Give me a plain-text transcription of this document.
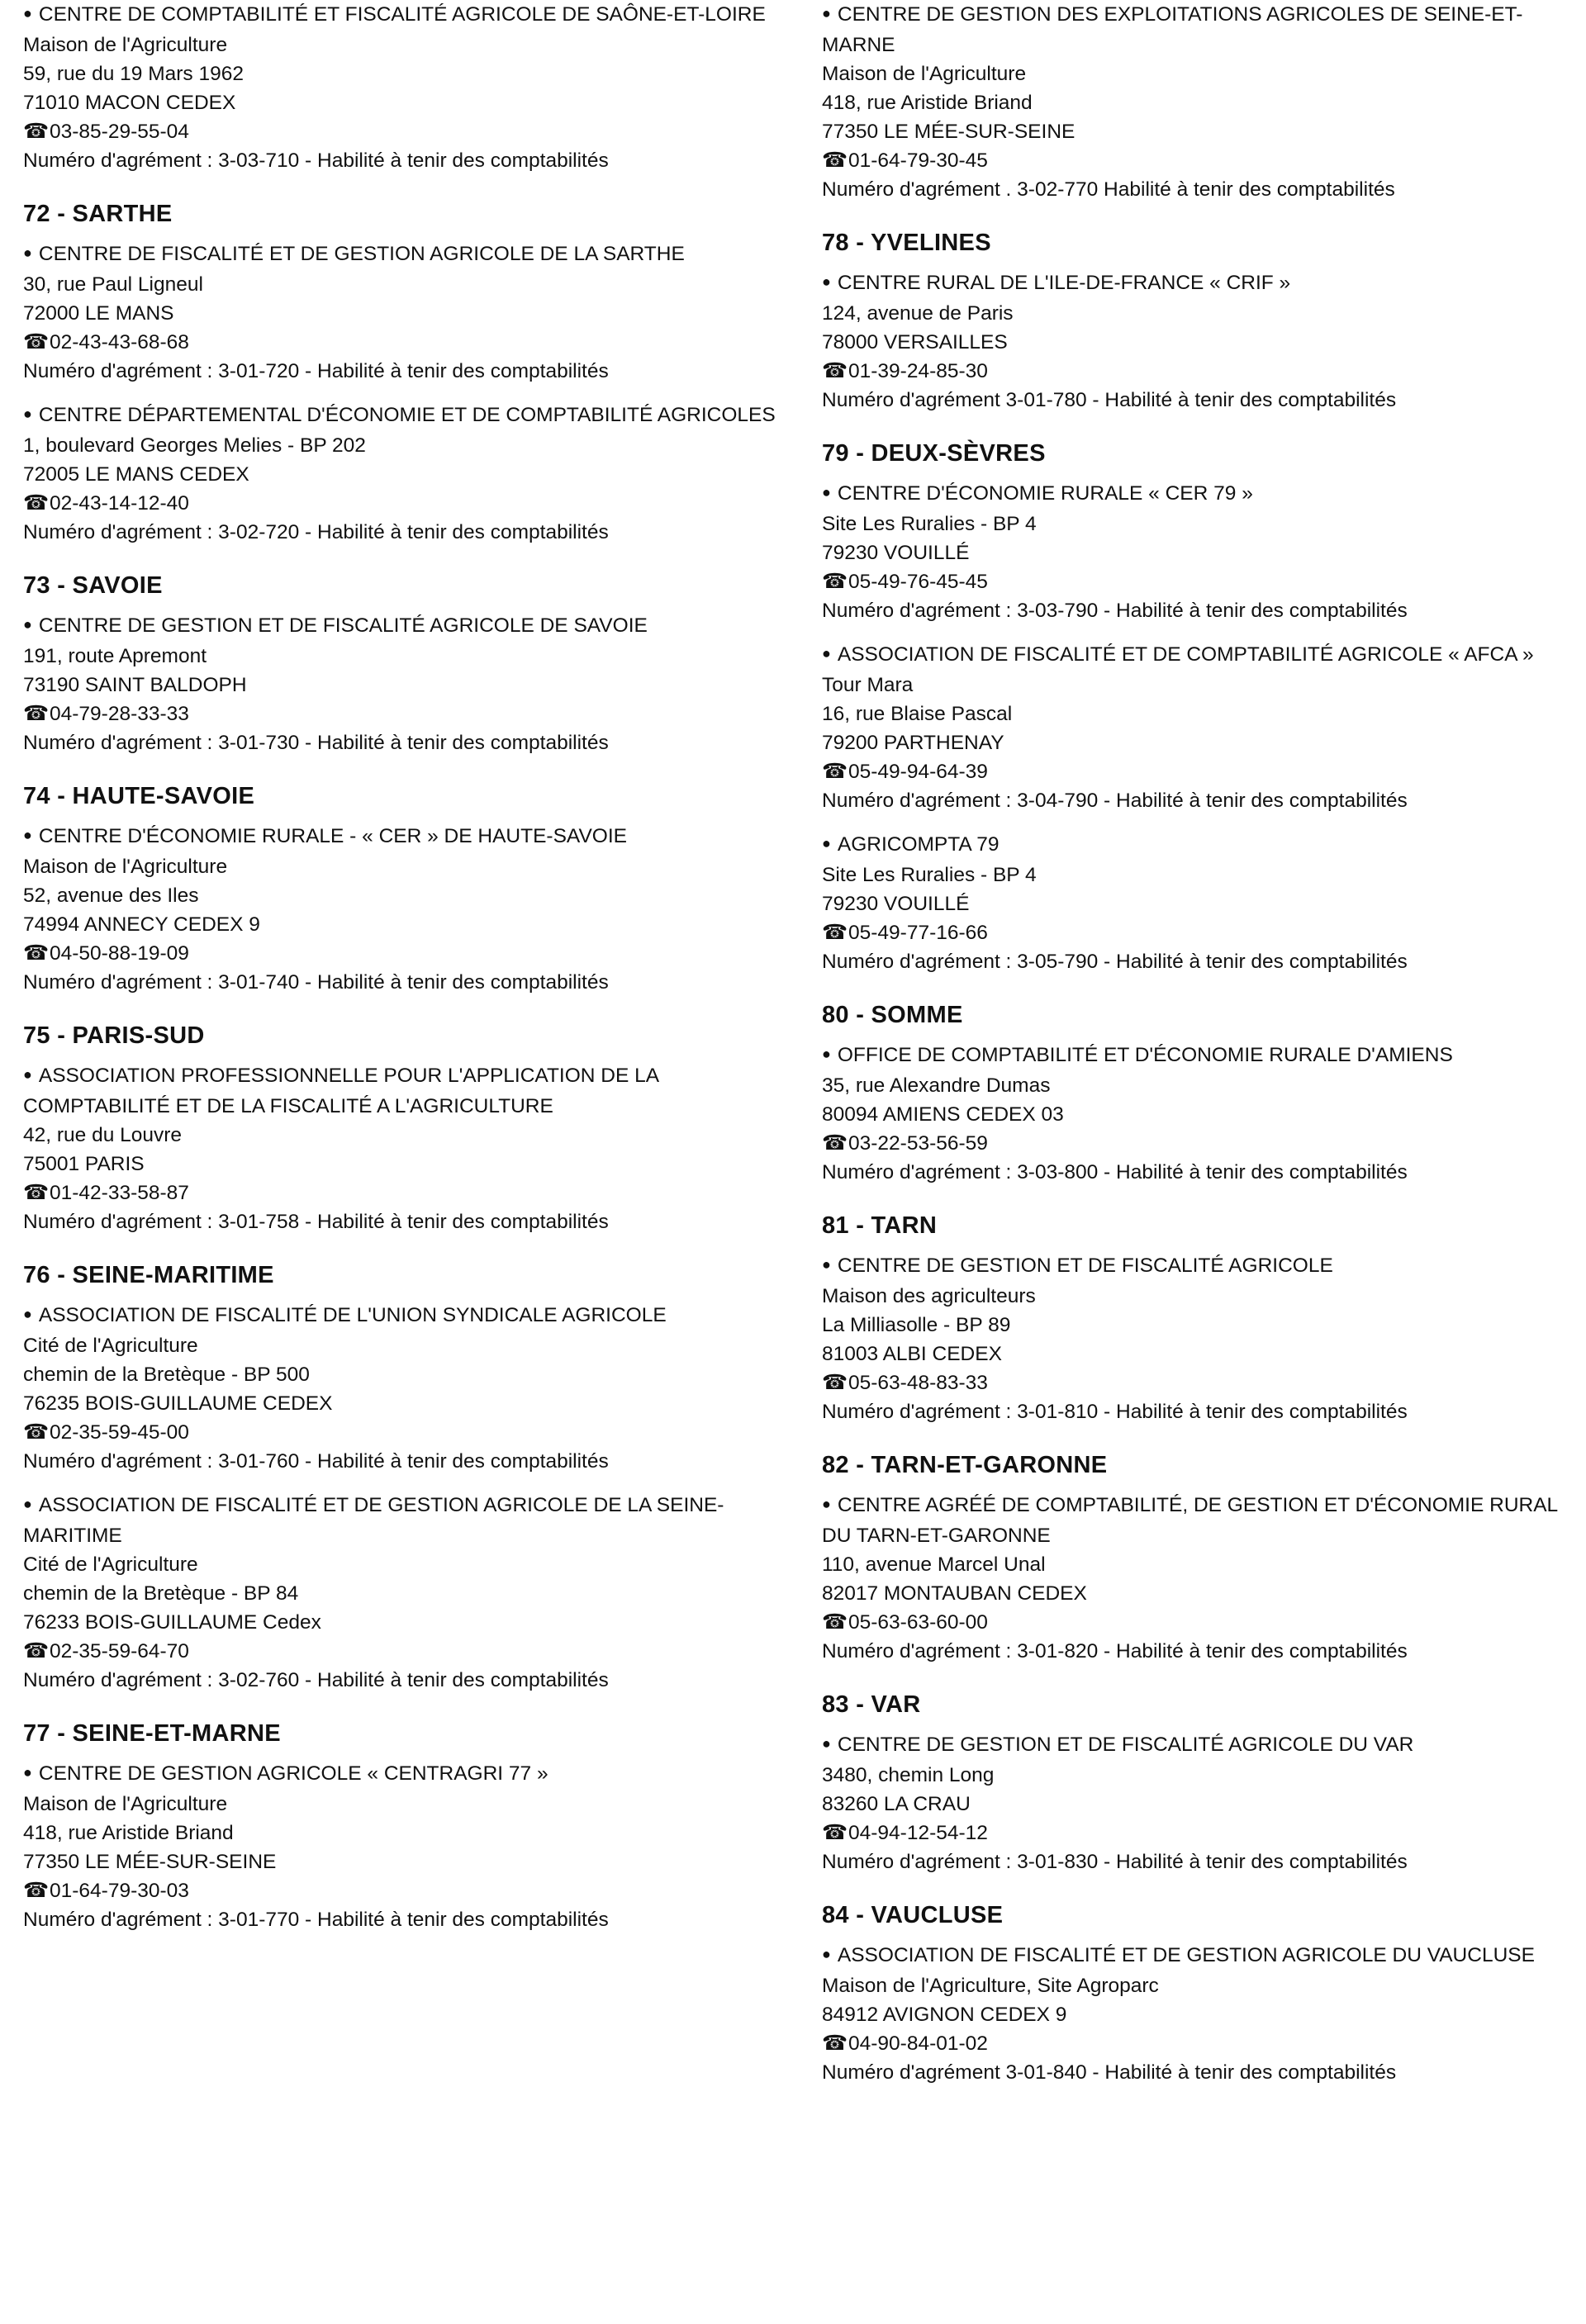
● CENTRE DE COMPTABILITÉ ET FISCALITÉ AGRICOLE DE SAÔNE-ET-LOIRE
Maison de l'Agriculture
59, rue du 19 Mars 1962
71010 MACON CEDEX
☎03-85-29-55-04
Numéro d'agrément : 3-03-710 - Habilité à tenir des comptabilités
72 - SARTHE
● CENTRE DE FISCALITÉ ET DE GESTION AGRICOLE DE LA SARTHE
30, rue Paul Ligneul
72000 LE MANS
☎02-43-43-68-68
Numéro d'agrément : 3-01-720 - Habilité à tenir des comptabilités
● CENTRE DÉPARTEMENTAL D'ÉCONOMIE ET DE COMPTABILITÉ AGRICOLES
1, boulevard Georges Melies - BP 202
72005 LE MANS CEDEX
☎02-43-14-12-40
Numéro d'agrément : 3-02-720 - Habilité à tenir des comptabilités
73 - SAVOIE
● CENTRE DE GESTION ET DE FISCALITÉ AGRICOLE DE SAVOIE
191, route Apremont
73190 SAINT BALDOPH
☎04-79-28-33-33
Numéro d'agrément : 3-01-730 - Habilité à tenir des comptabilités
74 - HAUTE-SAVOIE
● CENTRE D'ÉCONOMIE RURALE - « CER » DE HAUTE-SAVOIE
Maison de l'Agriculture
52, avenue des Iles
74994 ANNECY CEDEX 9
☎04-50-88-19-09
Numéro d'agrément : 3-01-740 - Habilité à tenir des comptabilités
75 - PARIS-SUD
● ASSOCIATION PROFESSIONNELLE POUR L'APPLICATION DE LA COMPTABILITÉ ET DE LA FISCALITÉ A L'AGRICULTURE
42, rue du Louvre
75001 PARIS
☎01-42-33-58-87
Numéro d'agrément : 3-01-758 - Habilité à tenir des comptabilités
76 - SEINE-MARITIME
● ASSOCIATION DE FISCALITÉ DE L'UNION SYNDICALE AGRICOLE
Cité de l'Agriculture
chemin de la Bretèque - BP 500
76235 BOIS-GUILLAUME CEDEX
☎02-35-59-45-00
Numéro d'agrément : 3-01-760 - Habilité à tenir des comptabilités
● ASSOCIATION DE FISCALITÉ ET DE GESTION AGRICOLE DE LA SEINE-MARITIME
Cité de l'Agriculture
chemin de la Bretèque - BP 84
76233 BOIS-GUILLAUME Cedex
☎02-35-59-64-70
Numéro d'agrément : 3-02-760 - Habilité à tenir des comptabilités
77 - SEINE-ET-MARNE
● CENTRE DE GESTION AGRICOLE « CENTRAGRI 77 »
Maison de l'Agriculture
418, rue Aristide Briand
77350 LE MÉE-SUR-SEINE
☎01-64-79-30-03
Numéro d'agrément : 3-01-770 - Habilité à tenir des comptabilités
● CENTRE DE GESTION DES EXPLOITATIONS AGRICOLES DE SEINE-ET-MARNE
Maison de l'Agriculture
418, rue Aristide Briand
77350 LE MÉE-SUR-SEINE
☎01-64-79-30-45
Numéro d'agrément . 3-02-770 Habilité à tenir des comptabilités
78 - YVELINES
● CENTRE RURAL DE L'ILE-DE-FRANCE « CRIF »
124, avenue de Paris
78000 VERSAILLES
☎01-39-24-85-30
Numéro d'agrément 3-01-780 - Habilité à tenir des comptabilités
79 - DEUX-SÈVRES
● CENTRE D'ÉCONOMIE RURALE « CER 79 »
Site Les Ruralies - BP 4
79230 VOUILLÉ
☎05-49-76-45-45
Numéro d'agrément : 3-03-790 - Habilité à tenir des comptabilités
● ASSOCIATION DE FISCALITÉ ET DE COMPTABILITÉ AGRICOLE « AFCA »
Tour Mara
16, rue Blaise Pascal
79200 PARTHENAY
☎05-49-94-64-39
Numéro d'agrément : 3-04-790 - Habilité à tenir des comptabilités
● AGRICOMPTA 79
Site Les Ruralies - BP 4
79230 VOUILLÉ
☎05-49-77-16-66
Numéro d'agrément : 3-05-790 - Habilité à tenir des comptabilités
80 - SOMME
● OFFICE DE COMPTABILITÉ ET D'ÉCONOMIE RURALE D'AMIENS
35, rue Alexandre Dumas
80094 AMIENS CEDEX 03
☎03-22-53-56-59
Numéro d'agrément : 3-03-800 - Habilité à tenir des comptabilités
81 - TARN
● CENTRE DE GESTION ET DE FISCALITÉ AGRICOLE
Maison des agriculteurs
La Milliasolle - BP 89
81003 ALBI CEDEX
☎05-63-48-83-33
Numéro d'agrément : 3-01-810 - Habilité à tenir des comptabilités
82 - TARN-ET-GARONNE
● CENTRE AGRÉÉ DE COMPTABILITÉ, DE GESTION ET D'ÉCONOMIE RURAL DU TARN-ET-GARONNE
110, avenue Marcel Unal
82017 MONTAUBAN CEDEX
☎05-63-63-60-00
Numéro d'agrément : 3-01-820 - Habilité à tenir des comptabilités
83 - VAR
● CENTRE DE GESTION ET DE FISCALITÉ AGRICOLE DU VAR
3480, chemin Long
83260 LA CRAU
☎04-94-12-54-12
Numéro d'agrément : 3-01-830 - Habilité à tenir des comptabilités
84 - VAUCLUSE
● ASSOCIATION DE FISCALITÉ ET DE GESTION AGRICOLE DU VAUCLUSE
Maison de l'Agriculture, Site Agroparc
84912 AVIGNON CEDEX 9
☎04-90-84-01-02
Numéro d'agrément 3-01-840 - Habilité à tenir des comptabilités
